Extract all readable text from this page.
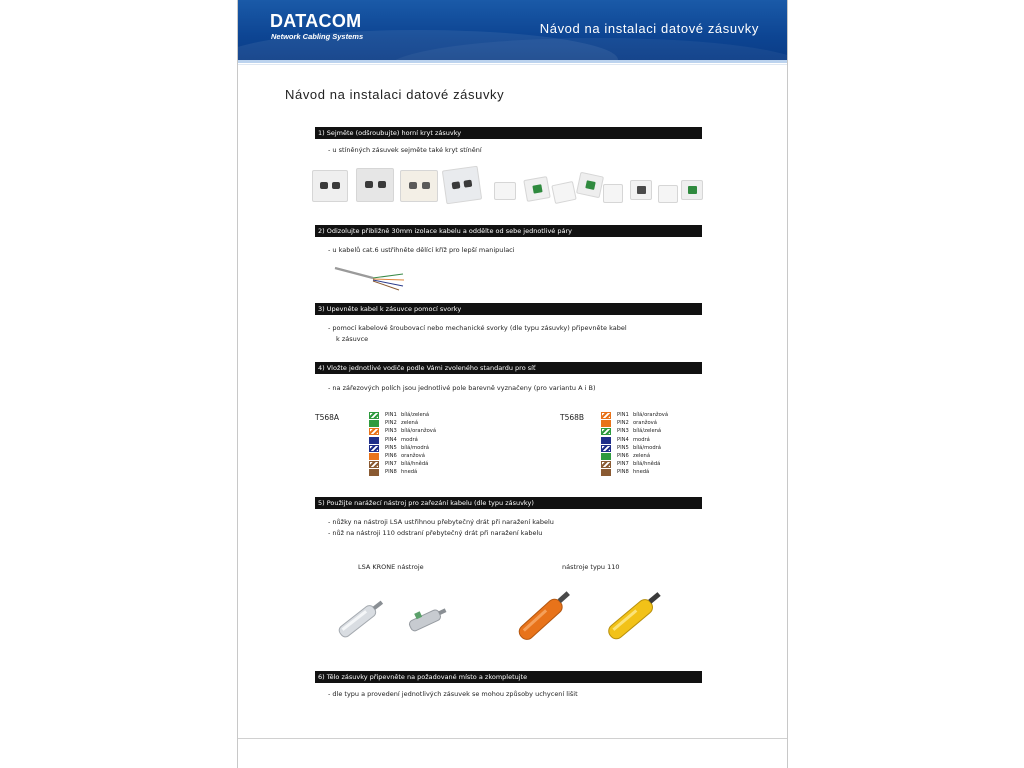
DATACOM
Network Cabling Systems
Návod na instalaci datové zásuvky
Návod na instalaci datové zásuvky
1) Sejměte (odšroubujte) horní kryt zásuvky
- u stíněných zásuvek sejměte také kryt stínění
2) Odizolujte přibližně 30mm izolace kabelu a oddělte od sebe jednotlivé páry
- u kabelů cat.6 ustřihněte dělící kříž pro lepší manipulaci
3) Upevněte kabel k zásuvce pomocí svorky
- pomocí kabelové šroubovací nebo mechanické svorky (dle typu zásuvky) připevněte kabel
k zásuvce
4) Vložte jednotlivé vodiče podle Vámi zvoleného standardu pro síť
- na zářezových polích jsou jednotlivé pole barevně vyznačeny (pro variantu A i B)
T568A	PIN1 bílá/zelená
PIN2 zelená
PIN3 bílá/oranžová
PIN4 modrá
PIN5 bílá/modrá
PIN6 oranžová
PIN7 bílá/hnědá
PIN8 hnedá
T568B	PIN1 bílá/oranžová
PIN2 oranžová
PIN3 bílá/zelená
PIN4 modrá
PIN5 bílá/modrá
PIN6 zelená
PIN7 bílá/hnědá
PIN8 hnedá
5) Použijte narážecí nástroj pro zařezání kabelu (dle typu zásuvky)
- nůžky na nástroji LSA ustřihnou přebytečný drát při naražení kabelu
- nůž na nástroji 110 odstraní přebytečný drát při naražení kabelu
LSA KRONE nástroje	nástroje typu 110
6) Tělo zásuvky připevněte na požadované místo a zkompletujte
- dle typu a provedení jednotlivých zásuvek se mohou způsoby uchycení lišit
